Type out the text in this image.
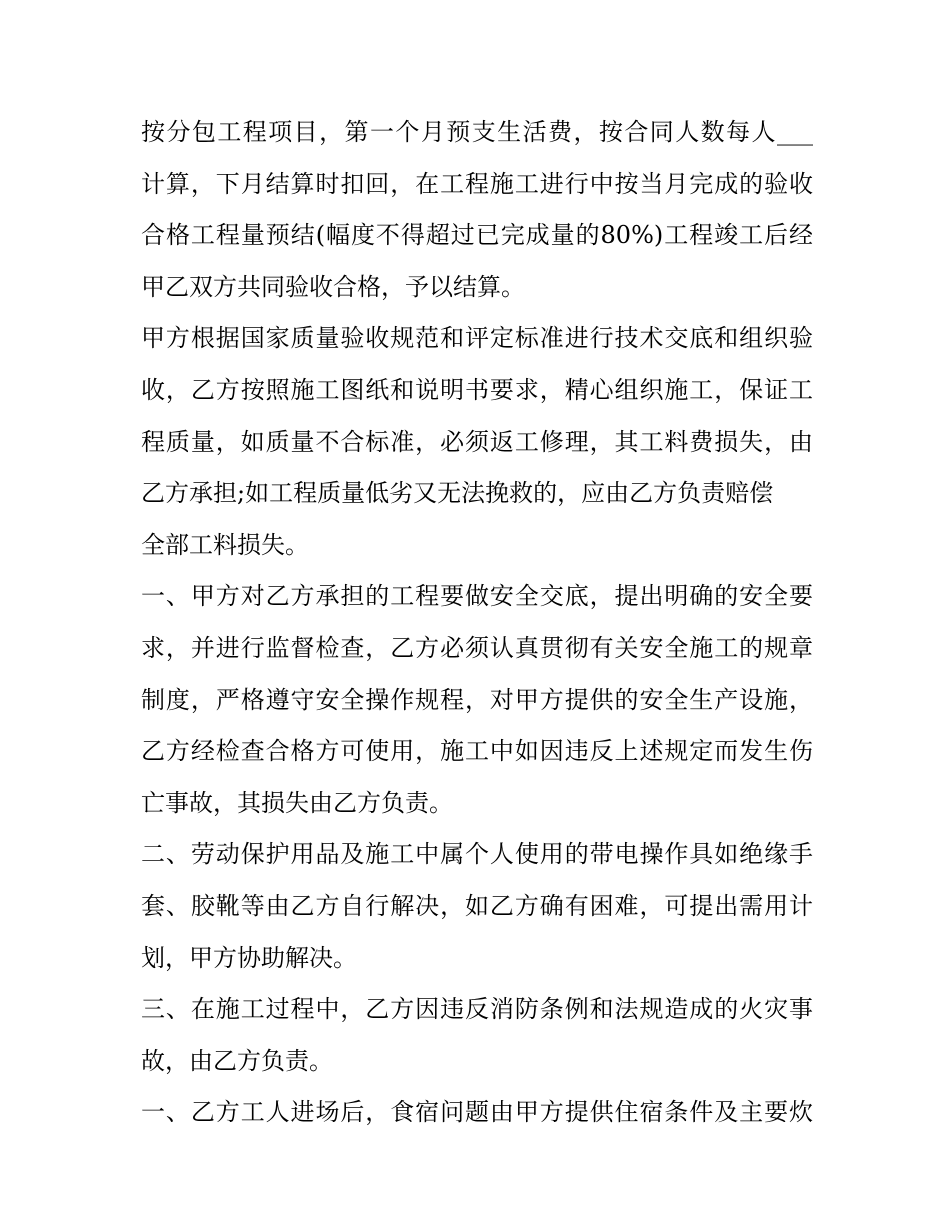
按分包工程项目，第一个月预支生活费，按合同人数每人___
计算，下月结算时扣回，在工程施工进行中按当月完成的验收
合格工程量预结(幅度不得超过已完成量的80%)工程竣工后经
甲乙双方共同验收合格，予以结算。
甲方根据国家质量验收规范和评定标准进行技术交底和组织验
收，乙方按照施工图纸和说明书要求，精心组织施工，保证工
程质量，如质量不合标准，必须返工修理，其工料费损失，由
乙方承担;如工程质量低劣又无法挽救的，应由乙方负责赔偿
全部工料损失。
一、甲方对乙方承担的工程要做安全交底，提出明确的安全要
求，并进行监督检查，乙方必须认真贯彻有关安全施工的规章
制度，严格遵守安全操作规程，对甲方提供的安全生产设施，
乙方经检查合格方可使用，施工中如因违反上述规定而发生伤
亡事故，其损失由乙方负责。
二、劳动保护用品及施工中属个人使用的带电操作具如绝缘手
套、胶靴等由乙方自行解决，如乙方确有困难，可提出需用计
划，甲方协助解决。
三、在施工过程中，乙方因违反消防条例和法规造成的火灾事
故，由乙方负责。
一、乙方工人进场后，食宿问题由甲方提供住宿条件及主要炊
